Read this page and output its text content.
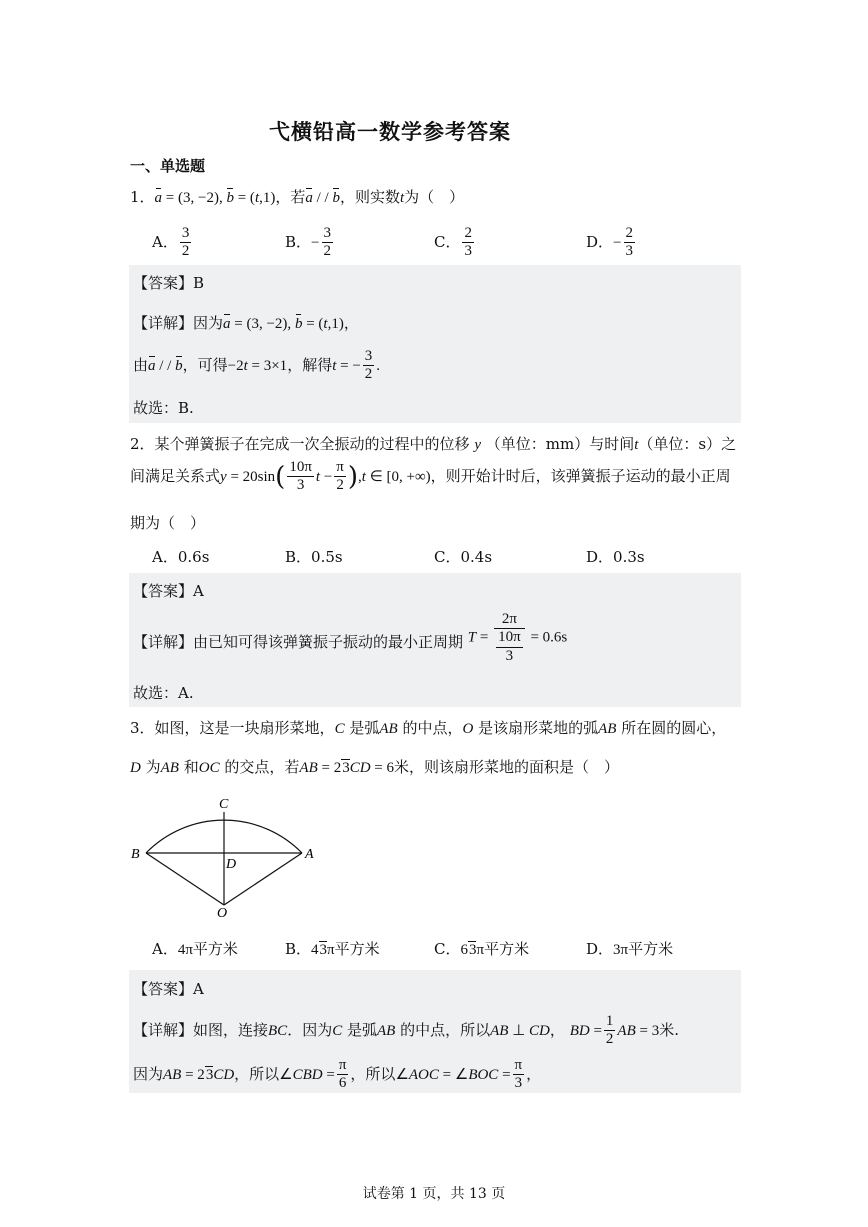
弋横铅高一数学参考答案
一、单选题
1．a = (3, −2), b = (t,1)，若a / / b，则实数t为（　）
A． $\frac{3}{2}$	B．− $\frac{3}{2}$	C． $\frac{2}{3}$	D．− $\frac{2}{3}$
【答案】B
【详解】因为a = (3, −2), b = (t,1)，
由a / / b，可得−2t = 3×1，解得t = − $\frac{3}{2}$ .
故选：B.
2．某个弹簧振子在完成一次全振动的过程中的位移 y （单位：mm）与时间t（单位：s）之
间满足关系式$y = 20\sin( \frac{10\pi}{3}$ $t - \frac{\pi}{2} ),t$ ∈ [0, +∞)，则开始计时后，该弹簧振子运动的最小正周
期为（　）
A．0.6s	B．0.5s	C．0.4s	D．0.3s
【答案】A
【详解】由已知可得该弹簧振子振动的最小正周期 $T = \frac{2\pi}{\frac{10\pi}{3}} = 0.6s$
故选：A.
3．如图，这是一块扇形菜地，C 是弧AB 的中点，O 是该扇形菜地的弧AB 所在圆的圆心，
D 为AB 和OC 的交点，若AB = 23CD = 6米，则该扇形菜地的面积是（　）
C
B
D
A
O
A．4π平方米	B．43π平方米	C．63π平方米	D．3π平方米
【答案】A
【详解】如图，连接BC．因为C 是弧AB 的中点，所以AB ⊥ CD， BD = $\frac{1}{2}$ AB = 3米.
因为AB = 23CD，所以∠CBD = $\frac{\pi}{6}$ ，所以∠AOC = ∠BOC = $\frac{\pi}{3}$ ，
试卷第 1 页，共 13 页
